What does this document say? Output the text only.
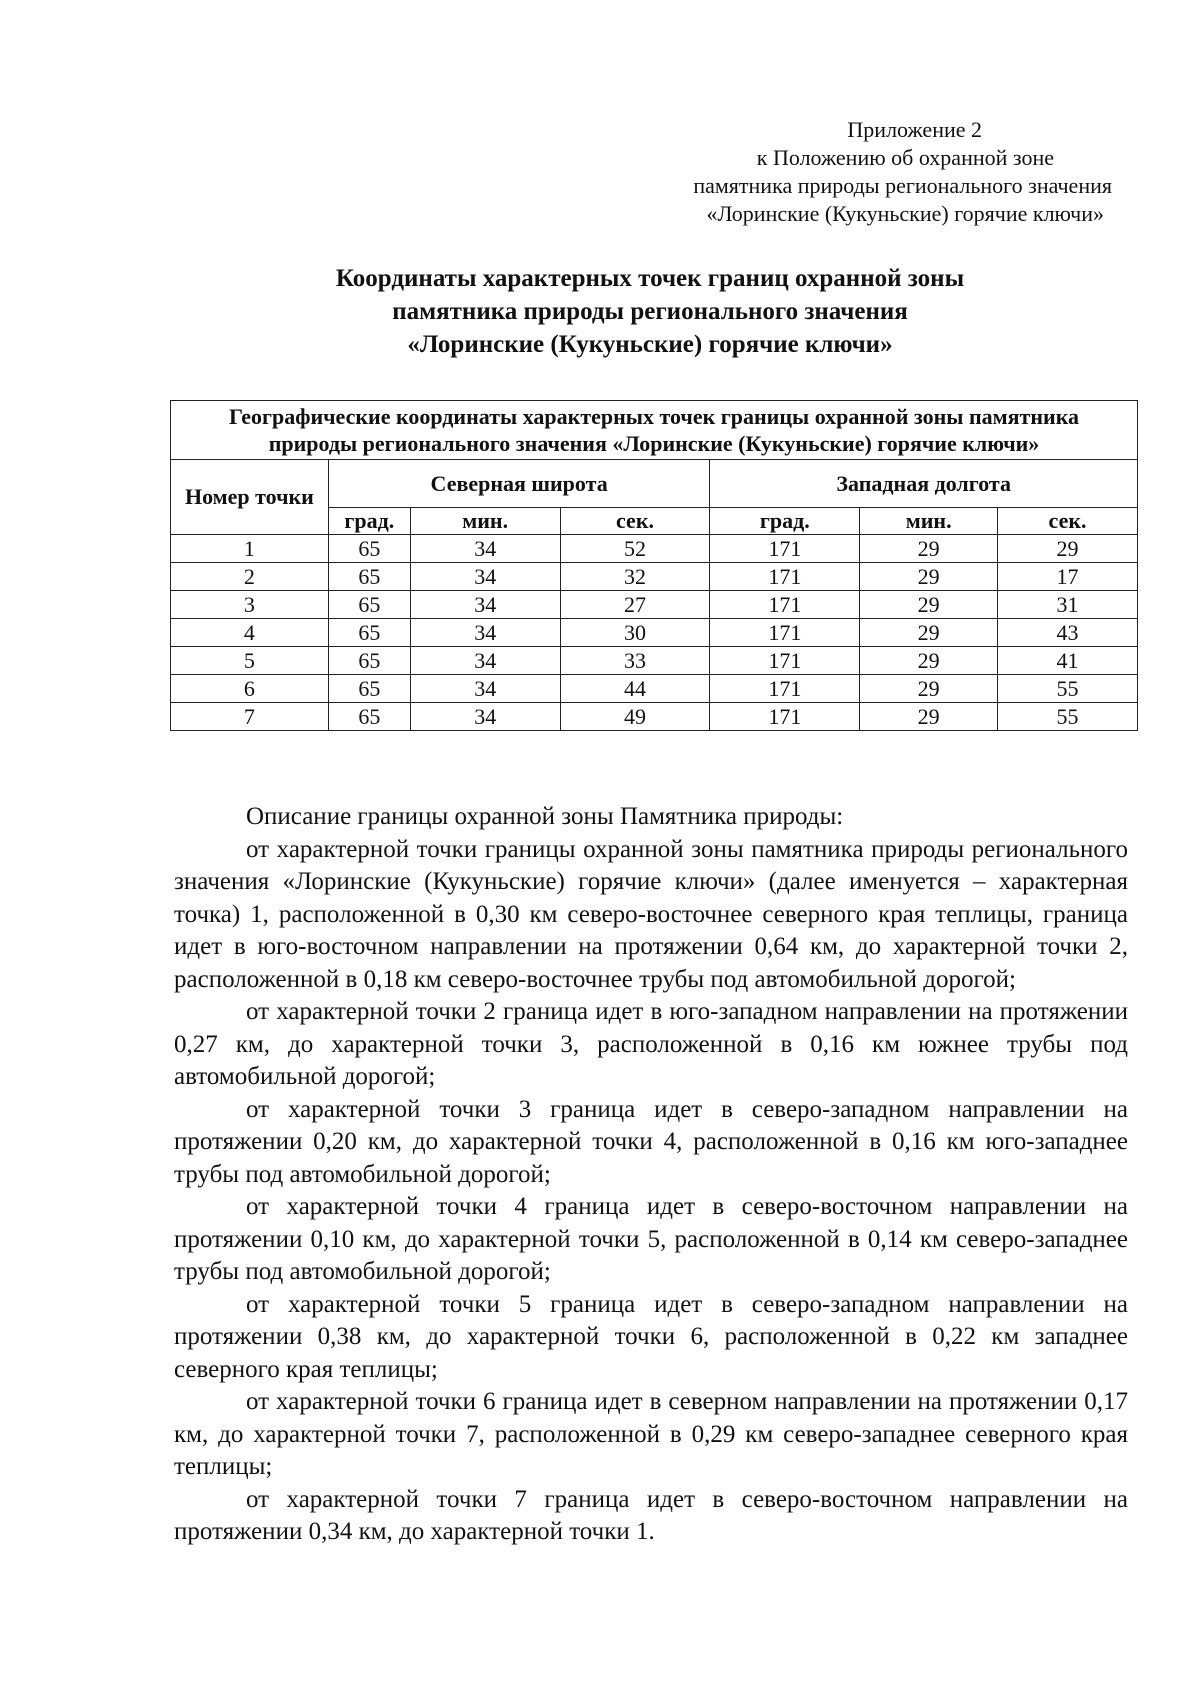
Приложение 2
к Положению об охранной зоне
памятника природы регионального значения
«Лоринские (Кукуньские) горячие ключи»
Координаты характерных точек границ охранной зоны
памятника природы регионального значения
«Лоринские (Кукуньские) горячие ключи»
Географические координаты характерных точек границы охранной зоны памятника природы регионального значения «Лоринские (Кукуньские) горячие ключи»						
Номер точки	Северная широта			Западная долгота		
	град.	мин.	сек.	град.	мин.	сек.
1	65	34	52	171	29	29
2	65	34	32	171	29	17
3	65	34	27	171	29	31
4	65	34	30	171	29	43
5	65	34	33	171	29	41
6	65	34	44	171	29	55
7	65	34	49	171	29	55

Описание границы охранной зоны Памятника природы:

от характерной точки границы охранной зоны памятника природы регионального значения «Лоринские (Кукуньские) горячие ключи» (далее именуется – характерная точка) 1, расположенной в 0,30 км северо-восточнее северного края теплицы, граница идет в юго-восточном направлении на протяжении 0,64 км, до характерной точки 2, расположенной в 0,18 км северо-восточнее трубы под автомобильной дорогой;

от характерной точки 2 граница идет в юго-западном направлении на протяжении 0,27 км, до характерной точки 3, расположенной в 0,16 км южнее трубы под автомобильной дорогой;

от характерной точки 3 граница идет в северо-западном направлении на протяжении 0,20 км, до характерной точки 4, расположенной в 0,16 км юго-западнее трубы под автомобильной дорогой;

от характерной точки 4 граница идет в северо-восточном направлении на протяжении 0,10 км, до характерной точки 5, расположенной в 0,14 км северо-западнее трубы под автомобильной дорогой;

от характерной точки 5 граница идет в северо-западном направлении на протяжении 0,38 км, до характерной точки 6, расположенной в 0,22 км западнее северного края теплицы;

от характерной точки 6 граница идет в северном направлении на протяжении 0,17 км, до характерной точки 7, расположенной в 0,29 км северо-западнее северного края теплицы;

от характерной точки 7 граница идет в северо-восточном направлении на протяжении 0,34 км, до характерной точки 1.
